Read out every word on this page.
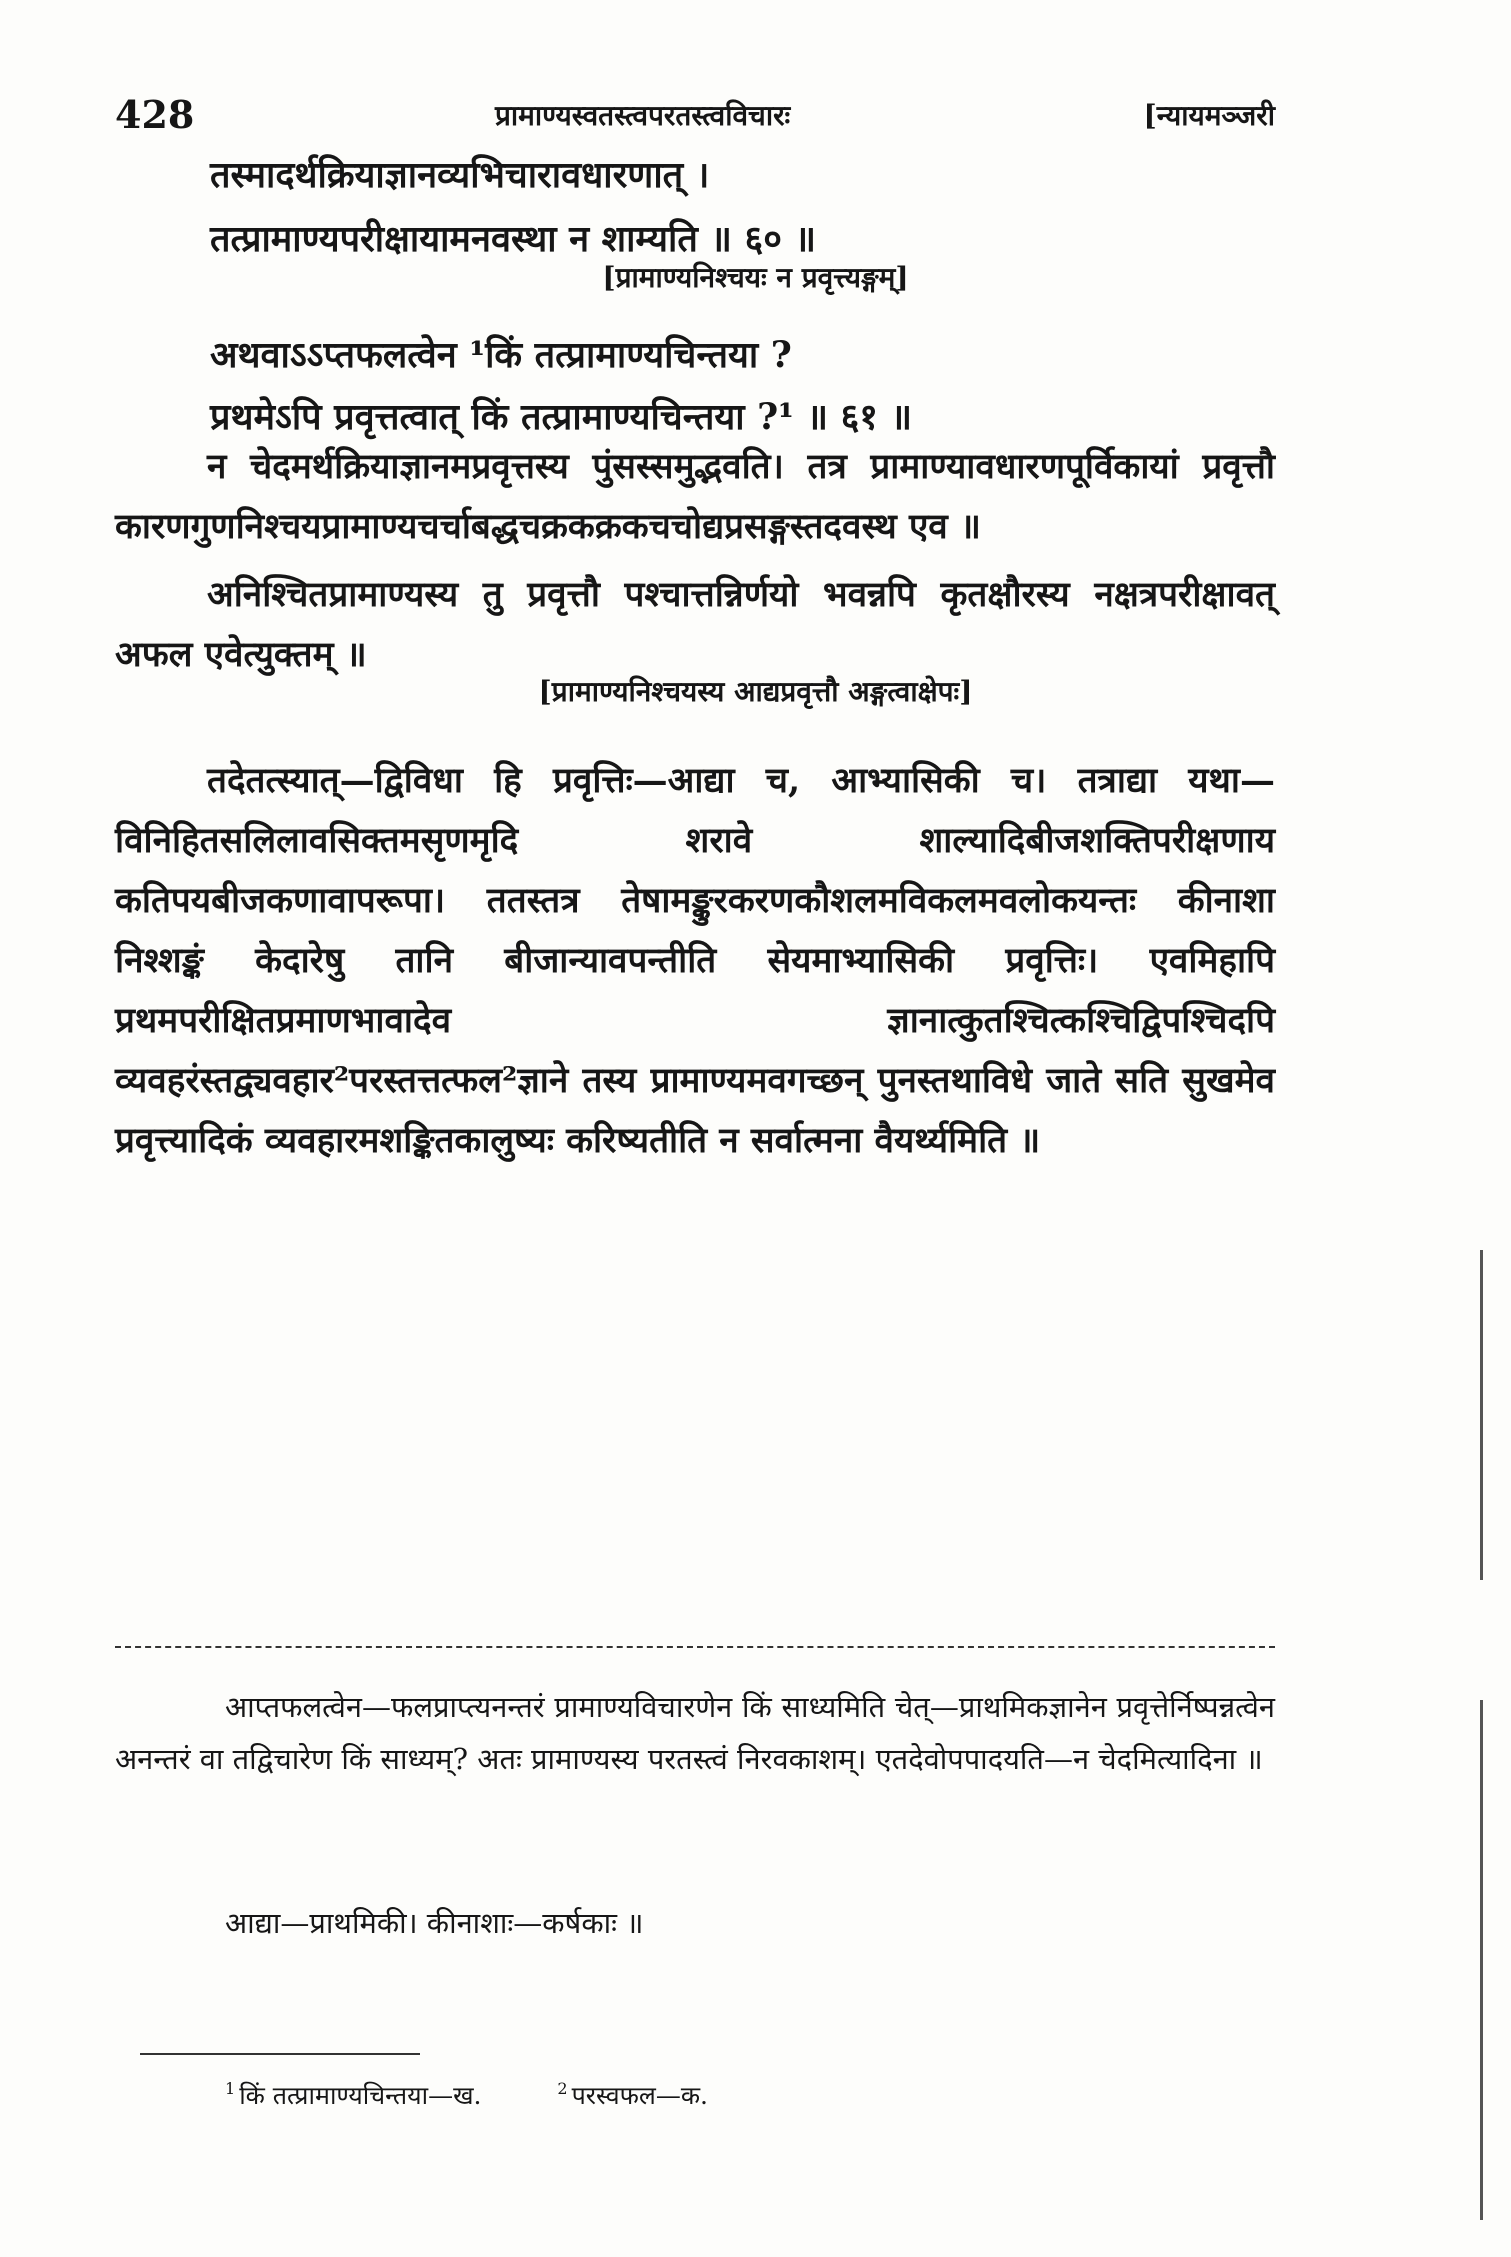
428	प्रामाण्यस्वतस्त्वपरतस्त्वविचारः	[न्यायमञ्जरी
तस्मादर्थक्रियाज्ञानव्यभिचारावधारणात् ।
तत्प्रामाण्यपरीक्षायामनवस्था न शाम्यति ॥ ६० ॥
[प्रामाण्यनिश्चयः न प्रवृत्त्यङ्गम्]
अथवाऽऽप्तफलत्वेन ¹किं तत्प्रामाण्यचिन्तया ?
प्रथमेऽपि प्रवृत्तत्वात् किं तत्प्रामाण्यचिन्तया ?¹ ॥ ६१ ॥

न चेदमर्थक्रियाज्ञानमप्रवृत्तस्य पुंसस्समुद्भवति। तत्र प्रामाण्यावधारणपूर्विकायां प्रवृत्तौ कारणगुणनिश्चयप्रामाण्यचर्चाबद्धचक्रकक्रकचचोद्यप्रसङ्गस्तदवस्थ एव ॥

अनिश्चितप्रामाण्यस्य तु प्रवृत्तौ पश्चात्तन्निर्णयो भवन्नपि कृतक्षौरस्य नक्षत्रपरीक्षावत् अफल एवेत्युक्तम् ॥

[प्रामाण्यनिश्चयस्य आद्यप्रवृत्तौ अङ्गत्वाक्षेपः]

तदेतत्स्यात्—द्विविधा हि प्रवृत्तिः—आद्या च, आभ्यासिकी च। तत्राद्या यथा—विनिहितसलिलावसिक्तमसृणमृदि शरावे शाल्यादिबीजशक्तिपरीक्षणाय कतिपयबीजकणावापरूपा। ततस्तत्र तेषामङ्कुरकरणकौशलमविकलमवलोकयन्तः कीनाशा निश्शङ्कं केदारेषु तानि बीजान्यावपन्तीति सेयमाभ्यासिकी प्रवृत्तिः। एवमिहापि प्रथमपरीक्षितप्रमाणभावादेव ज्ञानात्कुतश्चित्कश्चिद्विपश्चिदपि व्यवहरंस्तद्व्यवहार²परस्तत्तत्फल²ज्ञाने तस्य प्रामाण्यमवगच्छन् पुनस्तथाविधे जाते सति सुखमेव प्रवृत्त्यादिकं व्यवहारमशङ्कितकालुष्यः करिष्यतीति न सर्वात्मना वैयर्थ्यमिति ॥

आप्तफलत्वेन—फलप्राप्त्यनन्तरं प्रामाण्यविचारणेन किं साध्यमिति चेत्—प्राथमिकज्ञानेन प्रवृत्तेर्निष्पन्नत्वेन अनन्तरं वा तद्विचारेण किं साध्यम्? अतः प्रामाण्यस्य परतस्त्वं निरवकाशम्। एतदेवोपपादयति—न चेदमित्यादिना ॥

आद्या—प्राथमिकी। कीनाशाः—कर्षकाः ॥

$^1$ किं तत्प्रामाण्यचिन्तया—ख.	$^2$ परस्वफल—क.
